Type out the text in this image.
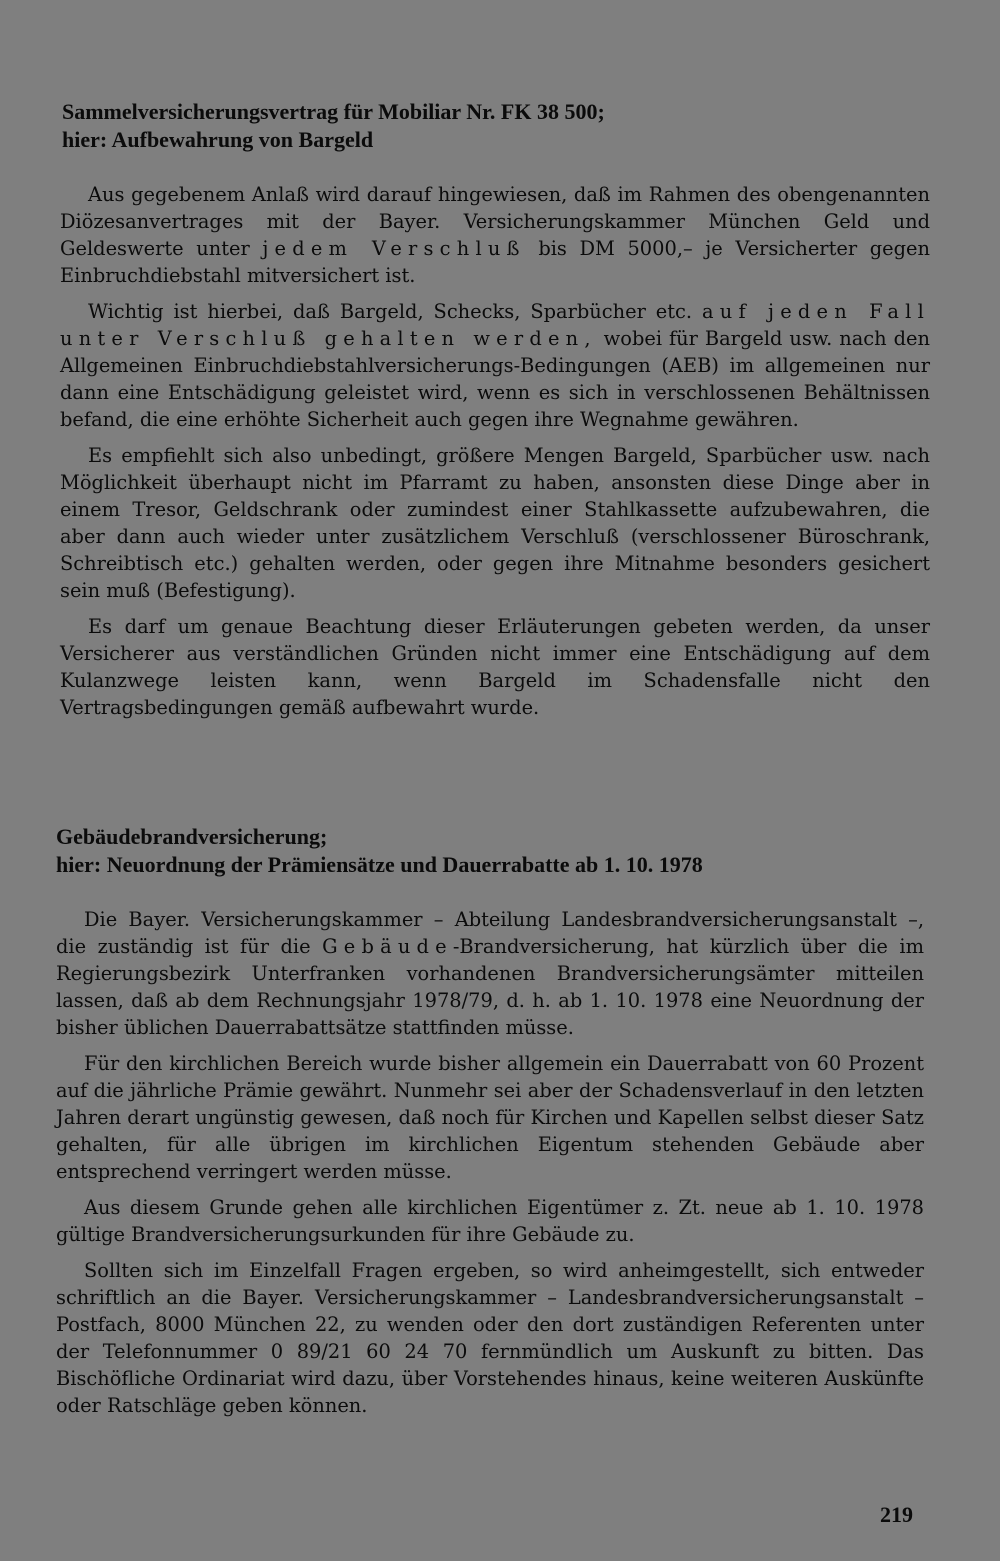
Sammelversicherungsvertrag für Mobiliar Nr. FK 38 500;
hier: Aufbewahrung von Bargeld

Aus gegebenem Anlaß wird darauf hingewiesen, daß im Rahmen des obengenannten Diözesanvertrages mit der Bayer. Versicherungskammer München Geld und Geldeswerte unter jedem Verschluß bis DM 5000,– je Versicherter gegen Einbruchdiebstahl mitversichert ist.

Wichtig ist hierbei, daß Bargeld, Schecks, Sparbücher etc. auf jeden Fall unter Verschluß gehalten werden, wobei für Bargeld usw. nach den Allgemeinen Einbruchdiebstahlversicherungs-Bedingungen (AEB) im allgemeinen nur dann eine Entschädigung geleistet wird, wenn es sich in verschlossenen Behältnissen befand, die eine erhöhte Sicherheit auch gegen ihre Wegnahme gewähren.

Es empfiehlt sich also unbedingt, größere Mengen Bargeld, Sparbücher usw. nach Möglichkeit überhaupt nicht im Pfarramt zu haben, ansonsten diese Dinge aber in einem Tresor, Geldschrank oder zumindest einer Stahlkassette aufzubewahren, die aber dann auch wieder unter zusätzlichem Verschluß (verschlossener Büroschrank, Schreibtisch etc.) gehalten werden, oder gegen ihre Mitnahme besonders gesichert sein muß (Befestigung).

Es darf um genaue Beachtung dieser Erläuterungen gebeten werden, da unser Versicherer aus verständlichen Gründen nicht immer eine Entschädigung auf dem Kulanzwege leisten kann, wenn Bargeld im Schadensfalle nicht den Vertragsbedingungen gemäß aufbewahrt wurde.

Gebäudebrandversicherung;
hier: Neuordnung der Prämiensätze und Dauerrabatte ab 1. 10. 1978

Die Bayer. Versicherungskammer – Abteilung Landesbrandversicherungsanstalt –, die zuständig ist für die Gebäude-Brandversicherung, hat kürzlich über die im Regierungsbezirk Unterfranken vorhandenen Brandversicherungsämter mitteilen lassen, daß ab dem Rechnungsjahr 1978/79, d. h. ab 1. 10. 1978 eine Neuordnung der bisher üblichen Dauerrabattsätze stattfinden müsse.

Für den kirchlichen Bereich wurde bisher allgemein ein Dauerrabatt von 60 Prozent auf die jährliche Prämie gewährt. Nunmehr sei aber der Schadensverlauf in den letzten Jahren derart ungünstig gewesen, daß noch für Kirchen und Kapellen selbst dieser Satz gehalten, für alle übrigen im kirchlichen Eigentum stehenden Gebäude aber entsprechend verringert werden müsse.

Aus diesem Grunde gehen alle kirchlichen Eigentümer z. Zt. neue ab 1. 10. 1978 gültige Brandversicherungsurkunden für ihre Gebäude zu.

Sollten sich im Einzelfall Fragen ergeben, so wird anheimgestellt, sich entweder schriftlich an die Bayer. Versicherungskammer – Landesbrandversicherungsanstalt – Postfach, 8000 München 22, zu wenden oder den dort zuständigen Referenten unter der Telefonnummer 0 89/21 60 24 70 fernmündlich um Auskunft zu bitten. Das Bischöfliche Ordinariat wird dazu, über Vorstehendes hinaus, keine weiteren Auskünfte oder Ratschläge geben können.

219
